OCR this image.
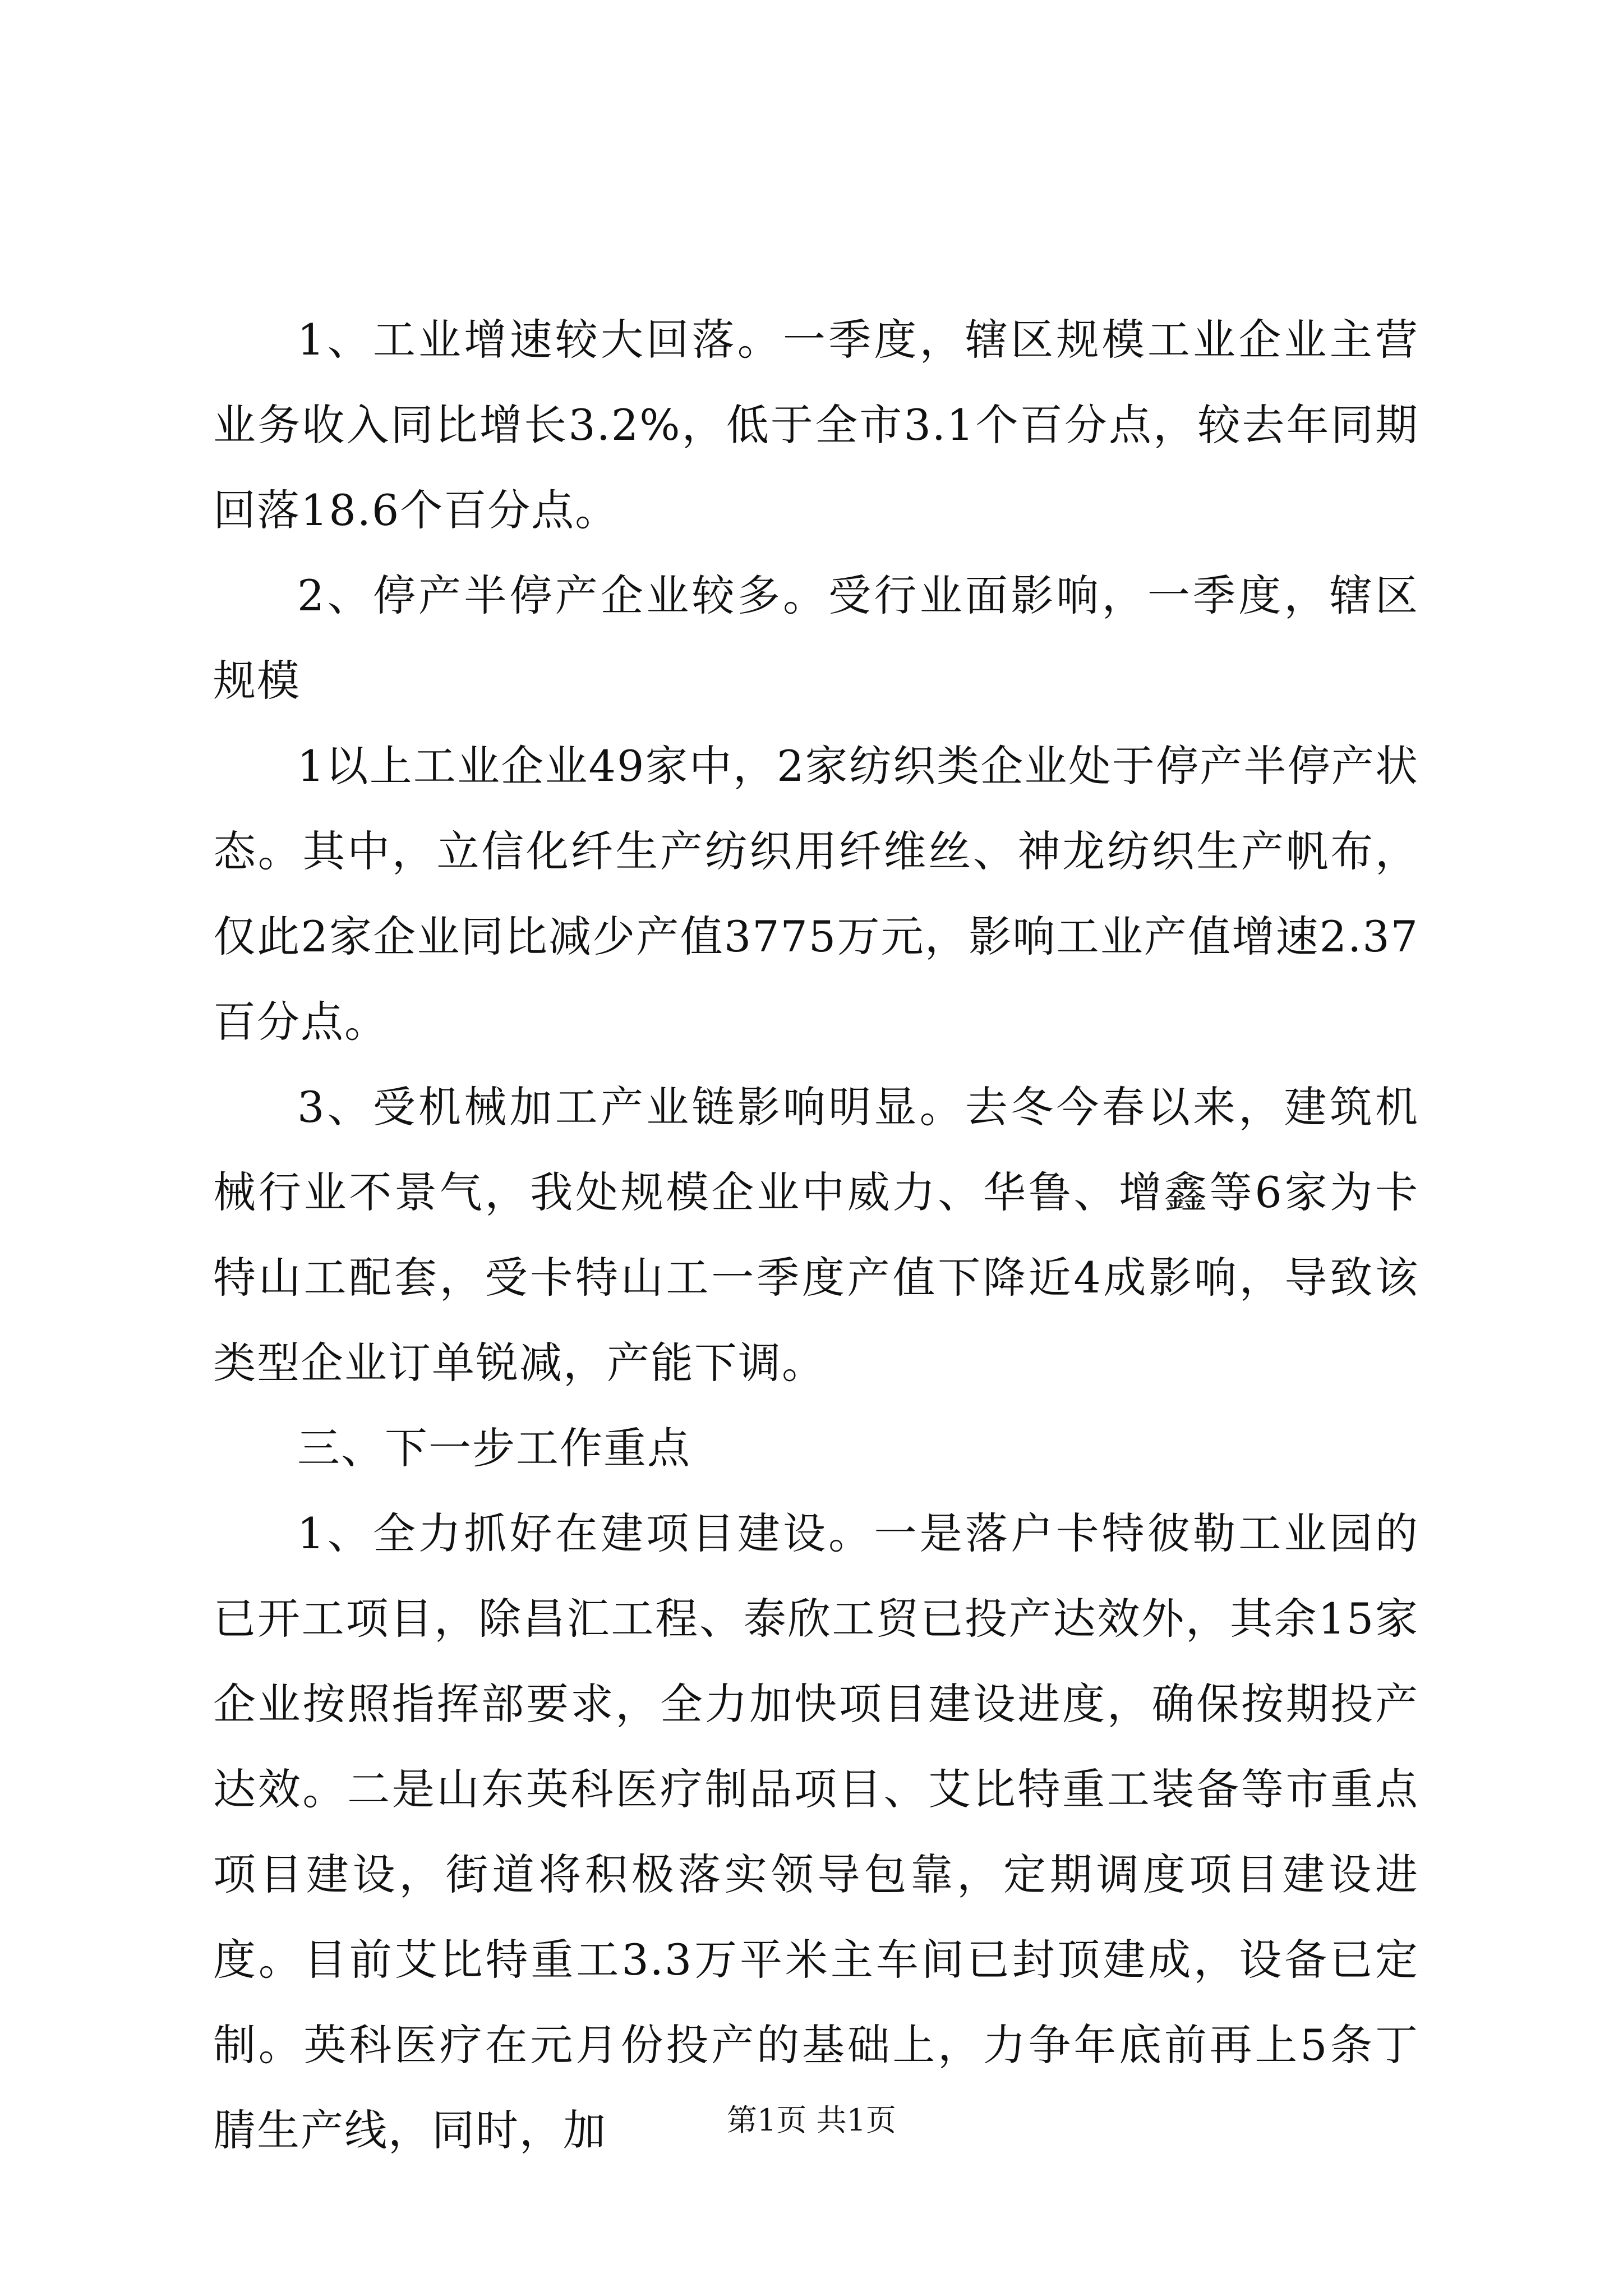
1、工业增速较大回落。一季度，辖区规模工业企业主营业务收入同比增长3.2%，低于全市3.1个百分点，较去年同期回落18.6个百分点。

2、停产半停产企业较多。受行业面影响，一季度，辖区规模

1以上工业企业49家中，2家纺织类企业处于停产半停产状态。其中，立信化纤生产纺织用纤维丝、神龙纺织生产帆布，仅此2家企业同比减少产值3775万元，影响工业产值增速2.37百分点。

3、受机械加工产业链影响明显。去冬今春以来，建筑机械行业不景气，我处规模企业中威力、华鲁、增鑫等6家为卡特山工配套，受卡特山工一季度产值下降近4成影响，导致该类型企业订单锐减，产能下调。

三、下一步工作重点

1、全力抓好在建项目建设。一是落户卡特彼勒工业园的已开工项目，除昌汇工程、泰欣工贸已投产达效外，其余15家企业按照指挥部要求，全力加快项目建设进度，确保按期投产达效。二是山东英科医疗制品项目、艾比特重工装备等市重点项目建设，街道将积极落实领导包靠，定期调度项目建设进度。目前艾比特重工3.3万平米主车间已封顶建成，设备已定制。英科医疗在元月份投产的基础上，力争年底前再上5条丁腈生产线，同时，加	第1页 共1页
